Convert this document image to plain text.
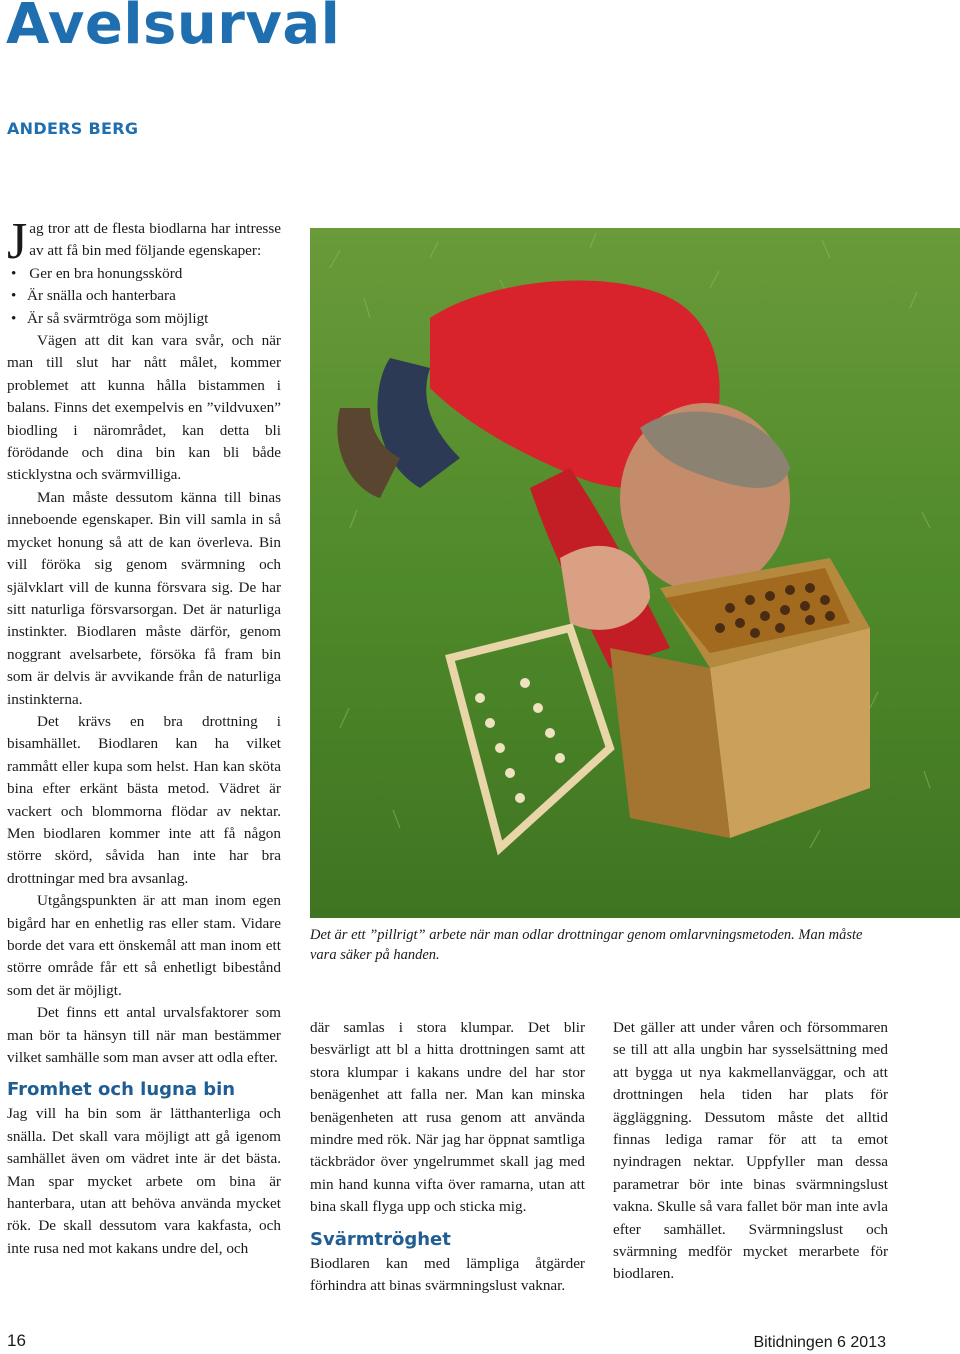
Avelsurval
ANDERS BERG

Jag tror att de flesta biodlarna har intresse av att få bin med följande egenskaper:

• Ger en bra honungsskörd
• Är snälla och hanterbara
• Är så svärmtröga som möjligt

Vägen att dit kan vara svår, och när man till slut har nått målet, kommer problemet att kunna hålla bistammen i balans. Finns det exempelvis en ”vildvuxen” biodling i närområdet, kan detta bli förödande och dina bin kan bli både sticklystna och svärmvilliga.

Man måste dessutom känna till binas inneboende egenskaper. Bin vill samla in så mycket honung så att de kan överleva. Bin vill föröka sig genom svärmning och självklart vill de kunna försvara sig. De har sitt naturliga försvarsorgan. Det är naturliga instinkter. Biodlaren måste därför, genom noggrant avelsarbete, försöka få fram bin som är delvis är avvikande från de naturliga instinkterna.

Det krävs en bra drottning i bisamhället. Biodlaren kan ha vilket rammått eller kupa som helst. Han kan sköta bina efter erkänt bästa metod. Vädret är vackert och blommorna flödar av nektar. Men biodlaren kommer inte att få någon större skörd, såvida han inte har bra drottningar med bra avsanlag.

Utgångspunkten är att man inom egen bigård har en enhetlig ras eller stam. Vidare borde det vara ett önskemål att man inom ett större område får ett så enhetligt bibestånd som det är möjligt.

Det finns ett antal urvalsfaktorer som man bör ta hänsyn till när man bestämmer vilket samhälle som man avser att odla efter.

Fromhet och lugna bin

Jag vill ha bin som är lätthanterliga och snälla. Det skall vara möjligt att gå igenom samhället även om vädret inte är det bästa. Man spar mycket arbete om bina är hanterbara, utan att behöva använda mycket rök. De skall dessutom vara kakfasta, och inte rusa ned mot kakans undre del, och

Det är ett ”pillrigt” arbete när man odlar drottningar genom omlarvningsmetoden. Man måste vara säker på handen.

där samlas i stora klumpar. Det blir besvärligt att bl a hitta drottningen samt att stora klumpar i kakans undre del har stor benägenhet att falla ner. Man kan minska benägenheten att rusa genom att använda mindre med rök. När jag har öppnat samtliga täckbrädor över yngelrummet skall jag med min hand kunna vifta över ramarna, utan att bina skall flyga upp och sticka mig.

Svärmtröghet

Biodlaren kan med lämpliga åtgärder förhindra att binas svärmningslust vaknar.

Det gäller att under våren och försommaren se till att alla ungbin har sysselsättning med att bygga ut nya kakmellanväggar, och att drottningen hela tiden har plats för äggläggning. Dessutom måste det alltid finnas lediga ramar för att ta emot nyindragen nektar. Uppfyller man dessa parametrar bör inte binas svärmningslust vakna. Skulle så vara fallet bör man inte avla efter samhället. Svärmningslust och svärmning medför mycket merarbete för biodlaren.

16	Bitidningen 6 2013
